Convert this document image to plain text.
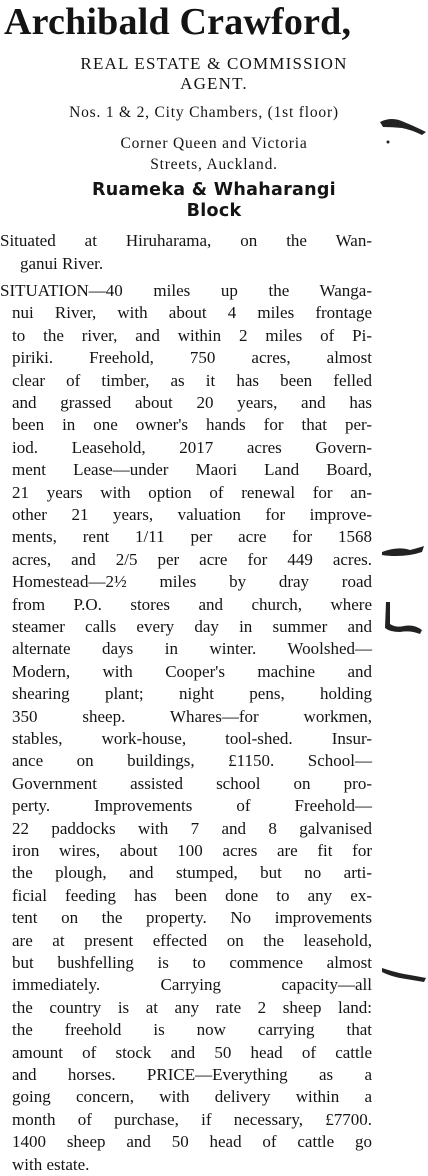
Archibald Crawford,
REAL ESTATE & COMMISSION
AGENT.
Nos. 1 & 2, City Chambers, (1st floor)
Corner Queen and Victoria
Streets, Auckland.
Ruameka & Whaharangi
Block
Situated at Hiruharama, on the Wan-
ganui River.
SITUATION—40 miles up the Wanga-
nui River, with about 4 miles frontage
to the river, and within 2 miles of Pi-
piriki. Freehold, 750 acres, almost
clear of timber, as it has been felled
and grassed about 20 years, and has
been in one owner's hands for that per-
iod. Leasehold, 2017 acres Govern-
ment Lease—under Maori Land Board,
21 years with option of renewal for an-
other 21 years, valuation for improve-
ments, rent 1/11 per acre for 1568
acres, and 2/5 per acre for 449 acres.
Homestead—2½ miles by dray road
from P.O. stores and church, where
steamer calls every day in summer and
alternate days in winter. Woolshed—
Modern, with Cooper's machine and
shearing plant; night pens, holding
350 sheep. Whares—for workmen,
stables, work-house, tool-shed. Insur-
ance on buildings, £1150. School—
Government assisted school on pro-
perty. Improvements of Freehold—
22 paddocks with 7 and 8 galvanised
iron wires, about 100 acres are fit for
the plough, and stumped, but no arti-
ficial feeding has been done to any ex-
tent on the property. No improvements
are at present effected on the leasehold,
but bushfelling is to commence almost
immediately. Carrying capacity—all
the country is at any rate 2 sheep land:
the freehold is now carrying that
amount of stock and 50 head of cattle
and horses. PRICE—Everything as a
going concern, with delivery within a
month of purchase, if necessary, £7700.
1400 sheep and 50 head of cattle go
with estate.
